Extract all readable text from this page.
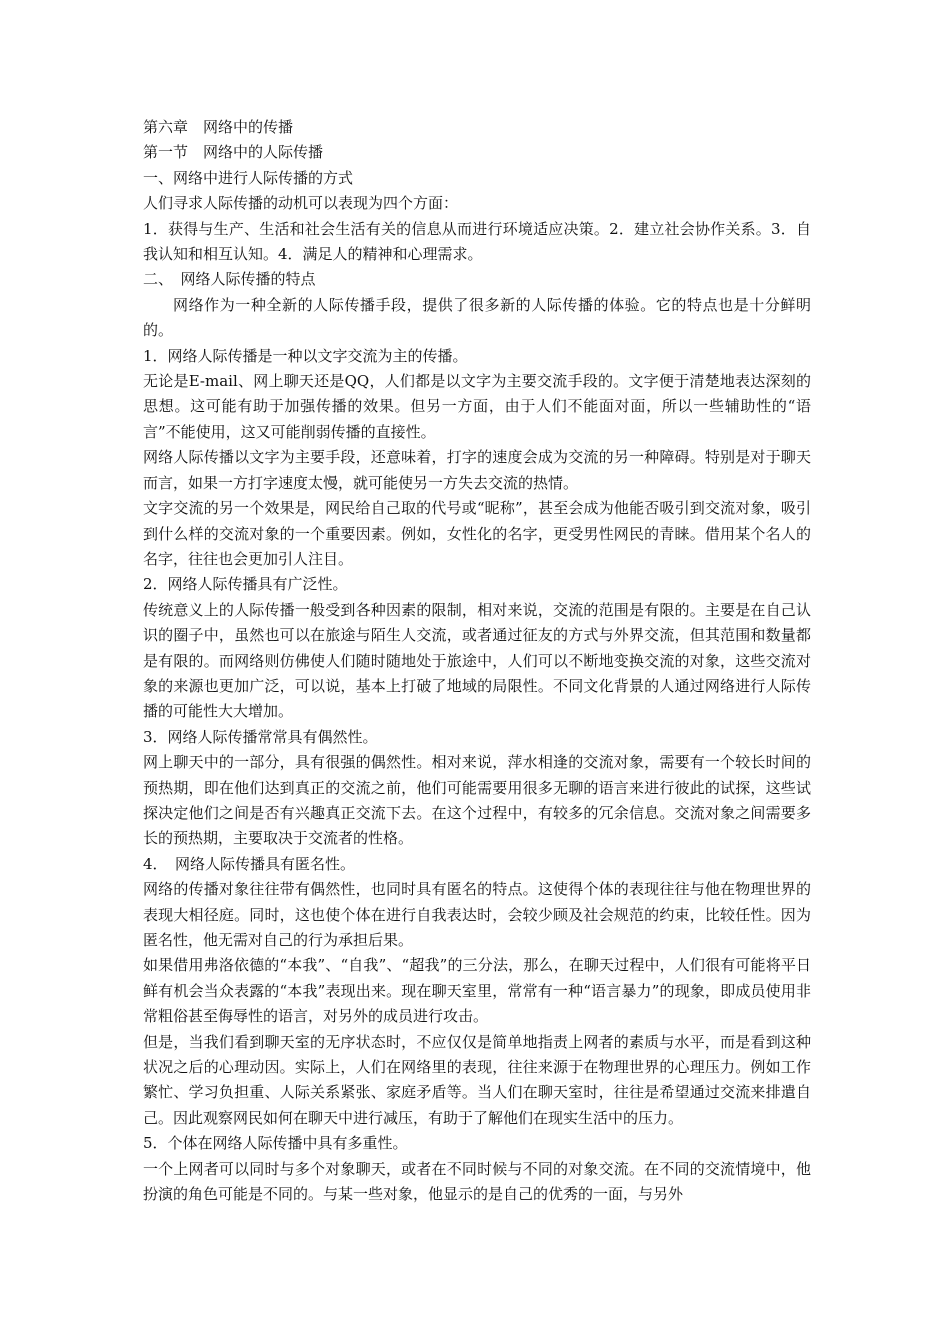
第六章　网络中的传播

第一节　网络中的人际传播

一、网络中进行人际传播的方式

人们寻求人际传播的动机可以表现为四个方面：

1．获得与生产、生活和社会生活有关的信息从而进行环境适应决策。2．建立社会协作关系。3．自我认知和相互认知。4．满足人的精神和心理需求。

二、　网络人际传播的特点

网络作为一种全新的人际传播手段，提供了很多新的人际传播的体验。它的特点也是十分鲜明的。

1．网络人际传播是一种以文字交流为主的传播。

无论是E-mail、网上聊天还是QQ，人们都是以文字为主要交流手段的。文字便于清楚地表达深刻的思想。这可能有助于加强传播的效果。但另一方面，由于人们不能面对面，所以一些辅助性的“语言”不能使用，这又可能削弱传播的直接性。

网络人际传播以文字为主要手段，还意味着，打字的速度会成为交流的另一种障碍。特别是对于聊天而言，如果一方打字速度太慢，就可能使另一方失去交流的热情。

文字交流的另一个效果是，网民给自己取的代号或“昵称”，甚至会成为他能否吸引到交流对象，吸引到什么样的交流对象的一个重要因素。例如，女性化的名字，更受男性网民的青睐。借用某个名人的名字，往往也会更加引人注目。

2．网络人际传播具有广泛性。

传统意义上的人际传播一般受到各种因素的限制，相对来说，交流的范围是有限的。主要是在自己认识的圈子中，虽然也可以在旅途与陌生人交流，或者通过征友的方式与外界交流，但其范围和数量都是有限的。而网络则仿佛使人们随时随地处于旅途中，人们可以不断地变换交流的对象，这些交流对象的来源也更加广泛，可以说，基本上打破了地域的局限性。不同文化背景的人通过网络进行人际传播的可能性大大增加。

3．网络人际传播常常具有偶然性。

网上聊天中的一部分，具有很强的偶然性。相对来说，萍水相逢的交流对象，需要有一个较长时间的预热期，即在他们达到真正的交流之前，他们可能需要用很多无聊的语言来进行彼此的试探，这些试探决定他们之间是否有兴趣真正交流下去。在这个过程中，有较多的冗余信息。交流对象之间需要多长的预热期，主要取决于交流者的性格。

4．　网络人际传播具有匿名性。

网络的传播对象往往带有偶然性，也同时具有匿名的特点。这使得个体的表现往往与他在物理世界的表现大相径庭。同时，这也使个体在进行自我表达时，会较少顾及社会规范的约束，比较任性。因为匿名性，他无需对自己的行为承担后果。

如果借用弗洛依德的“本我”、“自我”、“超我”的三分法，那么，在聊天过程中，人们很有可能将平日鲜有机会当众表露的“本我”表现出来。现在聊天室里，常常有一种“语言暴力”的现象，即成员使用非常粗俗甚至侮辱性的语言，对另外的成员进行攻击。

但是，当我们看到聊天室的无序状态时，不应仅仅是简单地指责上网者的素质与水平，而是看到这种状况之后的心理动因。实际上，人们在网络里的表现，往往来源于在物理世界的心理压力。例如工作繁忙、学习负担重、人际关系紧张、家庭矛盾等。当人们在聊天室时，往往是希望通过交流来排遣自己。因此观察网民如何在聊天中进行减压，有助于了解他们在现实生活中的压力。

5．个体在网络人际传播中具有多重性。

一个上网者可以同时与多个对象聊天，或者在不同时候与不同的对象交流。在不同的交流情境中，他扮演的角色可能是不同的。与某一些对象，他显示的是自己的优秀的一面，与另外
